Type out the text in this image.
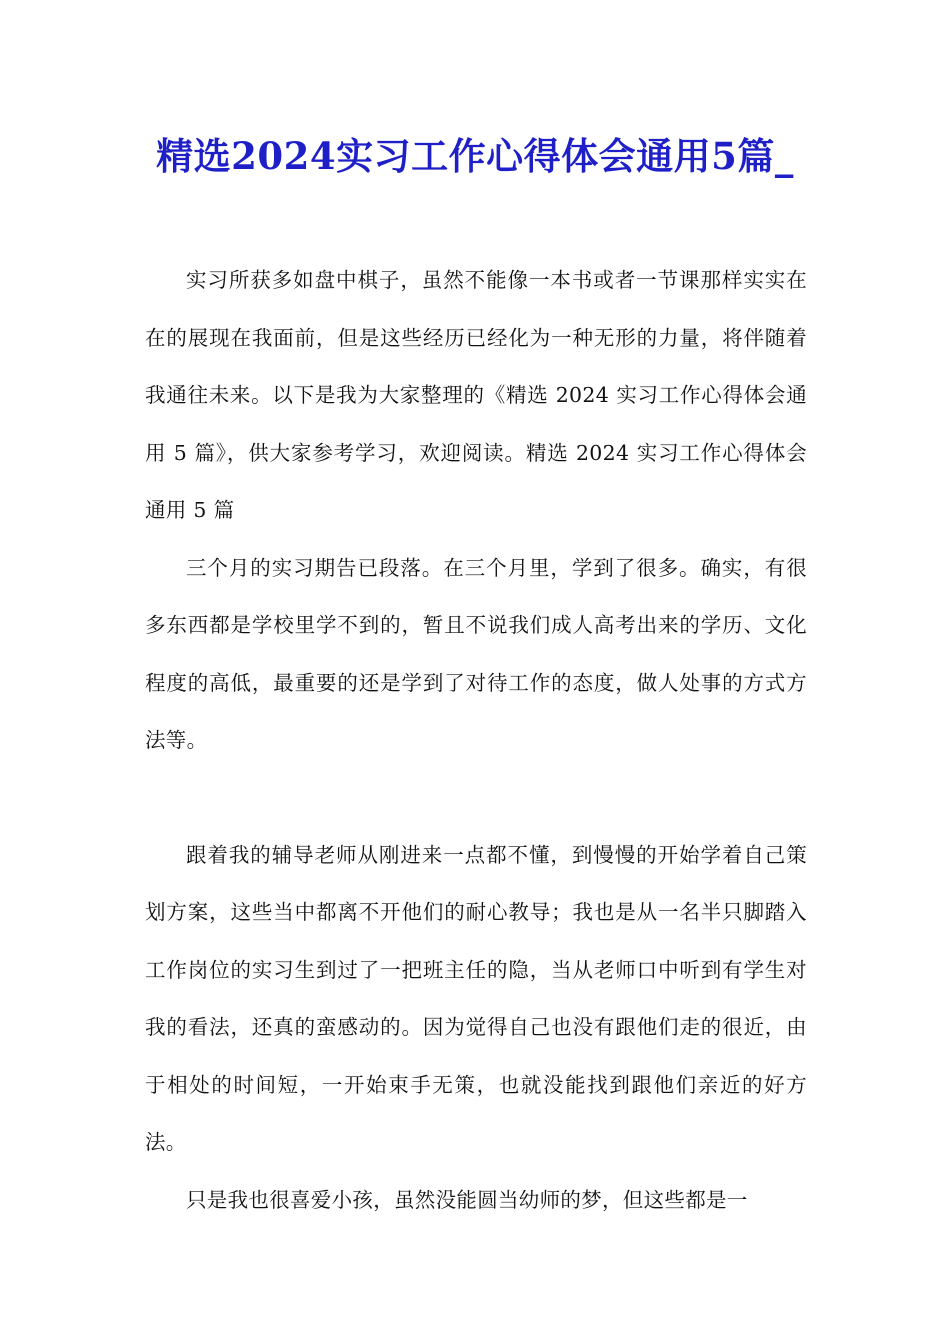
精选2024实习工作心得体会通用5篇_

实习所获多如盘中棋子，虽然不能像一本书或者一节课那样实实在在的展现在我面前，但是这些经历已经化为一种无形的力量，将伴随着我通往未来。以下是我为大家整理的《精选 2024 实习工作心得体会通用 5 篇》，供大家参考学习，欢迎阅读。精选 2024 实习工作心得体会通用 5 篇

三个月的实习期告已段落。在三个月里，学到了很多。确实，有很多东西都是学校里学不到的，暂且不说我们成人高考出来的学历、文化程度的高低，最重要的还是学到了对待工作的态度，做人处事的方式方法等。

跟着我的辅导老师从刚进来一点都不懂，到慢慢的开始学着自己策划方案，这些当中都离不开他们的耐心教导；我也是从一名半只脚踏入工作岗位的实习生到过了一把班主任的隐，当从老师口中听到有学生对我的看法，还真的蛮感动的。因为觉得自己也没有跟他们走的很近，由于相处的时间短，一开始束手无策，也就没能找到跟他们亲近的好方法。

只是我也很喜爱小孩，虽然没能圆当幼师的梦，但这些都是一
